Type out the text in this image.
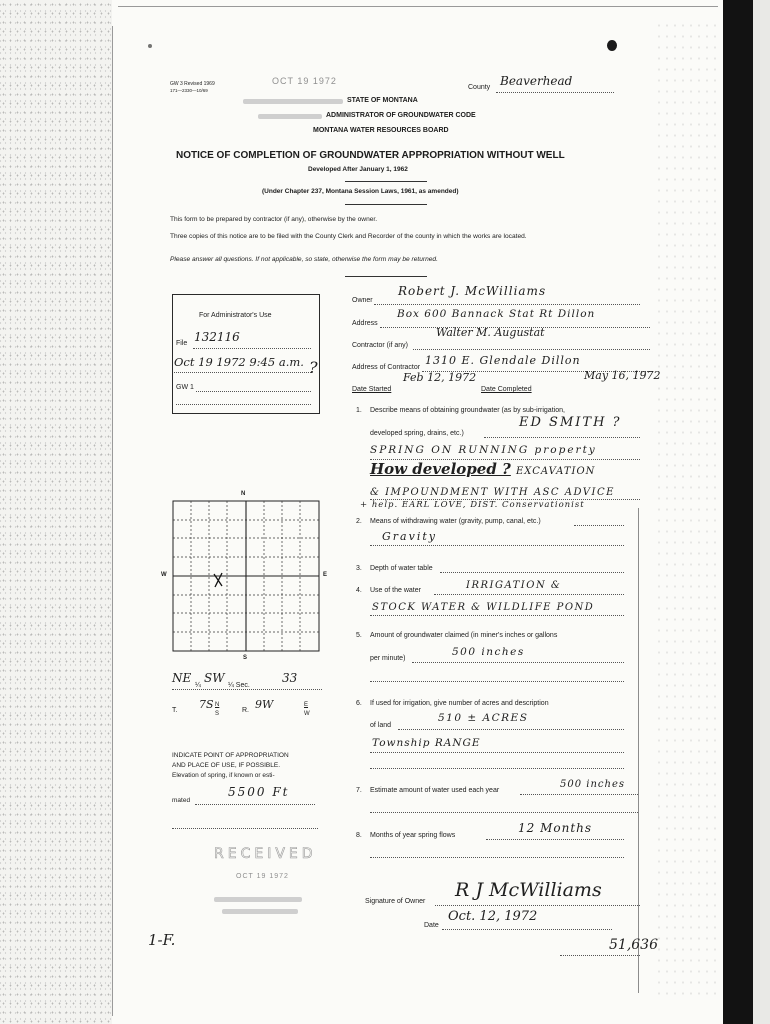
GW 3 Revised 1969
171—2330—10/69
OCT 19 1972
County Beaverhead
STATE OF MONTANA
ADMINISTRATOR OF GROUNDWATER CODE
MONTANA WATER RESOURCES BOARD
NOTICE OF COMPLETION OF GROUNDWATER APPROPRIATION WITHOUT WELL
Developed After January 1, 1962
(Under Chapter 237, Montana Session Laws, 1961, as amended)
This form to be prepared by contractor (if any), otherwise by the owner.
Three copies of this notice are to be filed with the County Clerk and Recorder of the county in which the works are located.
Please answer all questions. If not applicable, so state, otherwise the form may be returned.
For Administrator's Use
File 132116
Oct 19 1972 9:45 a.m.
GW 1
?
Owner
Robert J. McWilliams
Address
Box 600 Bannack Stat Rt Dillon
Contractor (if any)
Walter M. Augustat
Address of Contractor
1310 E. Glendale Dillon
Date Started
Feb 12, 1972
Date Completed
May 16, 1972
1. Describe means of obtaining groundwater (as by sub-irrigation,
developed spring, drains, etc.)
ED SMITH ?
SPRING ON RUNNING property
How developed ? EXCAVATION
& IMPOUNDMENT WITH ASC ADVICE
+ help. EARL LOVE, DIST. Conservationist
2. Means of withdrawing water (gravity, pump, canal, etc.)
Gravity
3. Depth of water table
4. Use of the water	IRRIGATION &
STOCK WATER & WILDLIFE POND
5. Amount of groundwater claimed (in miner's inches or gallons
per minute)
500 inches
6. If used for irrigation, give number of acres and description
of land
510 ± ACRES
Township RANGE
7. Estimate amount of water used each year
500 inches
8. Months of year spring flows
12 Months
Signature of Owner
R J McWilliams
Date
Oct. 12, 1972
N
S
W	E
NE
¼
SW
¼ Sec.
33
T. 7S N
S	R. 9W	E
W
INDICATE POINT OF APPROPRIATION
AND PLACE OF USE, IF POSSIBLE.
Elevation of spring, if known or esti-
mated
5500 Ft
RECEIVED
OCT 19 1972
1-F.	51,636
